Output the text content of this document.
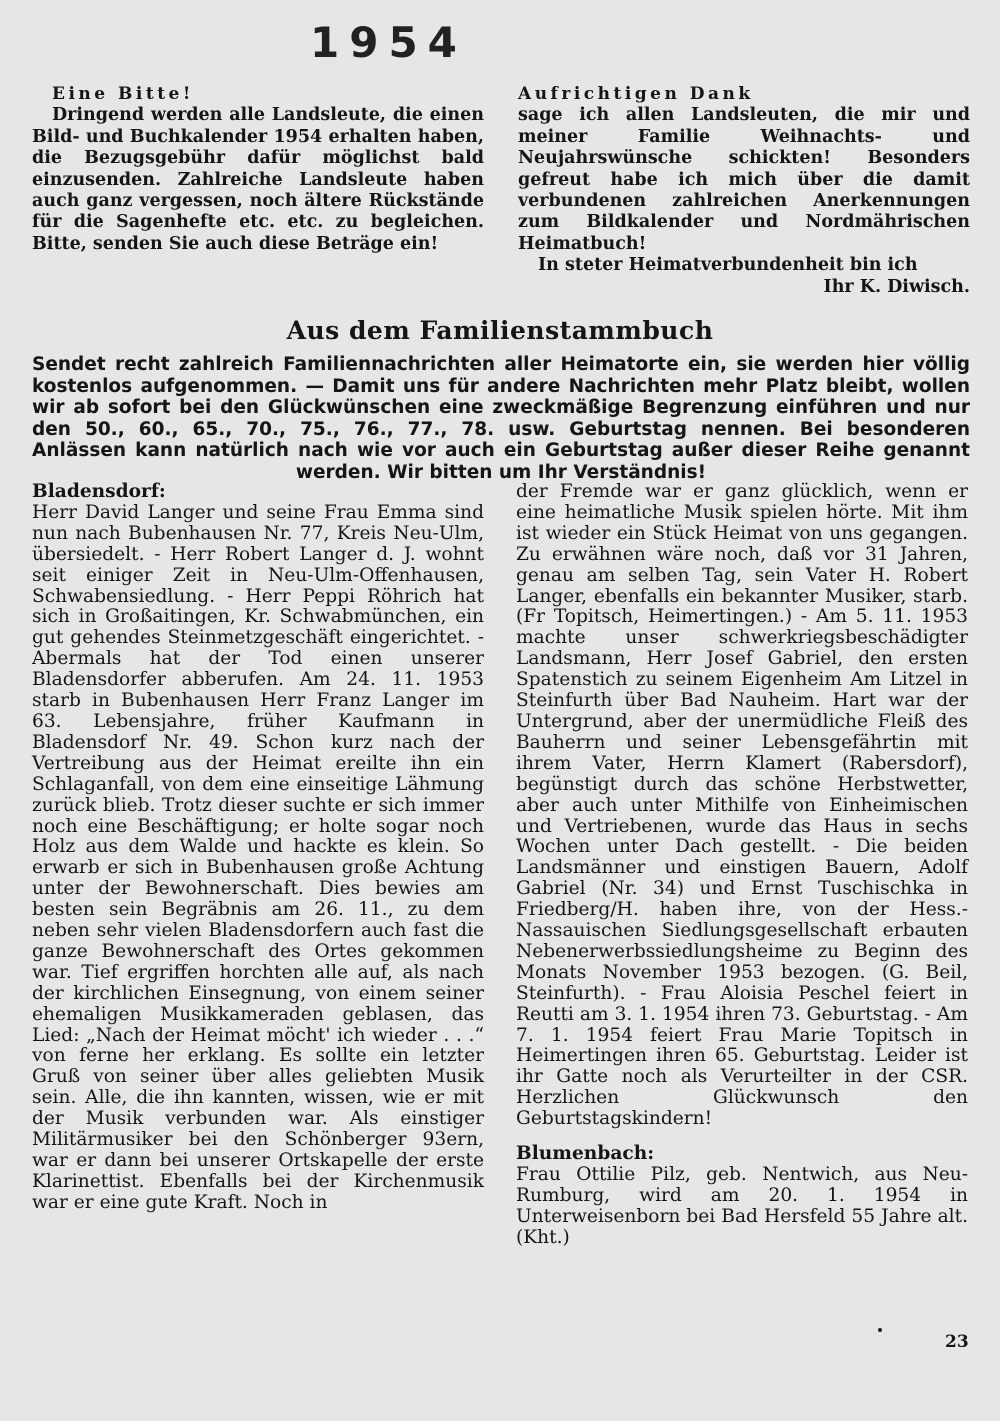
1954

Eine Bitte!

Dringend werden alle Landsleute, die einen Bild- und Buchkalender 1954 erhalten haben, die Bezugsgebühr dafür möglichst bald einzusenden. Zahlreiche Landsleute haben auch ganz vergessen, noch ältere Rückstände für die Sagenhefte etc. etc. zu begleichen. Bitte, senden Sie auch diese Beträge ein!

Aufrichtigen Dank

sage ich allen Landsleuten, die mir und meiner Familie Weihnachts- und Neujahrswünsche schickten! Besonders gefreut habe ich mich über die damit verbundenen zahlreichen Anerkennungen zum Bildkalender und Nordmährischen Heimatbuch!

In steter Heimatverbundenheit bin ich

Ihr K. Diwisch.

Aus dem Familienstammbuch
Sendet recht zahlreich Familiennachrichten aller Heimatorte ein, sie werden hier völlig kostenlos aufgenommen. — Damit uns für andere Nachrichten mehr Platz bleibt, wollen wir ab sofort bei den Glückwünschen eine zweckmäßige Begrenzung einführen und nur den 50., 60., 65., 70., 75., 76., 77., 78. usw. Geburtstag nennen. Bei besonderen Anlässen kann natürlich nach wie vor auch ein Geburtstag außer dieser Reihe genannt werden. Wir bitten um Ihr Verständnis!

Bladensdorf:

Herr David Langer und seine Frau Emma sind nun nach Bubenhausen Nr. 77, Kreis Neu-Ulm, übersiedelt. - Herr Robert Langer d. J. wohnt seit einiger Zeit in Neu-Ulm-Offenhausen, Schwabensiedlung. - Herr Peppi Röhrich hat sich in Großaitingen, Kr. Schwabmünchen, ein gut gehendes Steinmetzgeschäft eingerichtet. - Abermals hat der Tod einen unserer Bladensdorfer abberufen. Am 24. 11. 1953 starb in Bubenhausen Herr Franz Langer im 63. Lebensjahre, früher Kaufmann in Bladensdorf Nr. 49. Schon kurz nach der Vertreibung aus der Heimat ereilte ihn ein Schlaganfall, von dem eine einseitige Lähmung zurück blieb. Trotz dieser suchte er sich immer noch eine Beschäftigung; er holte sogar noch Holz aus dem Walde und hackte es klein. So erwarb er sich in Bubenhausen große Achtung unter der Bewohnerschaft. Dies bewies am besten sein Begräbnis am 26. 11., zu dem neben sehr vielen Bladensdorfern auch fast die ganze Bewohnerschaft des Ortes gekommen war. Tief ergriffen horchten alle auf, als nach der kirchlichen Einsegnung, von einem seiner ehemaligen Musikkameraden geblasen, das Lied: „Nach der Heimat möcht' ich wieder . . .“ von ferne her erklang. Es sollte ein letzter Gruß von seiner über alles geliebten Musik sein. Alle, die ihn kannten, wissen, wie er mit der Musik verbunden war. Als einstiger Militärmusiker bei den Schönberger 93ern, war er dann bei unserer Ortskapelle der erste Klarinettist. Ebenfalls bei der Kirchenmusik war er eine gute Kraft. Noch in

der Fremde war er ganz glücklich, wenn er eine heimatliche Musik spielen hörte. Mit ihm ist wieder ein Stück Heimat von uns gegangen. Zu erwähnen wäre noch, daß vor 31 Jahren, genau am selben Tag, sein Vater H. Robert Langer, ebenfalls ein bekannter Musiker, starb. (Fr Topitsch, Heimertingen.) - Am 5. 11. 1953 machte unser schwerkriegsbeschädigter Landsmann, Herr Josef Gabriel, den ersten Spatenstich zu seinem Eigenheim Am Litzel in Steinfurth über Bad Nauheim. Hart war der Untergrund, aber der unermüdliche Fleiß des Bauherrn und seiner Lebensgefährtin mit ihrem Vater, Herrn Klamert (Rabersdorf), begünstigt durch das schöne Herbstwetter, aber auch unter Mithilfe von Einheimischen und Vertriebenen, wurde das Haus in sechs Wochen unter Dach gestellt. - Die beiden Landsmänner und einstigen Bauern, Adolf Gabriel (Nr. 34) und Ernst Tuschischka in Friedberg/H. haben ihre, von der Hess.-Nassauischen Siedlungsgesellschaft erbauten Nebenerwerbssiedlungsheime zu Beginn des Monats November 1953 bezogen. (G. Beil, Steinfurth). - Frau Aloisia Peschel feiert in Reutti am 3. 1. 1954 ihren 73. Geburtstag. - Am 7. 1. 1954 feiert Frau Marie Topitsch in Heimertingen ihren 65. Geburtstag. Leider ist ihr Gatte noch als Verurteilter in der CSR. Herzlichen Glückwunsch den Geburtstagskindern!

Blumenbach:

Frau Ottilie Pilz, geb. Nentwich, aus Neu-Rumburg, wird am 20. 1. 1954 in Unterweisenborn bei Bad Hersfeld 55 Jahre alt. (Kht.)

23
